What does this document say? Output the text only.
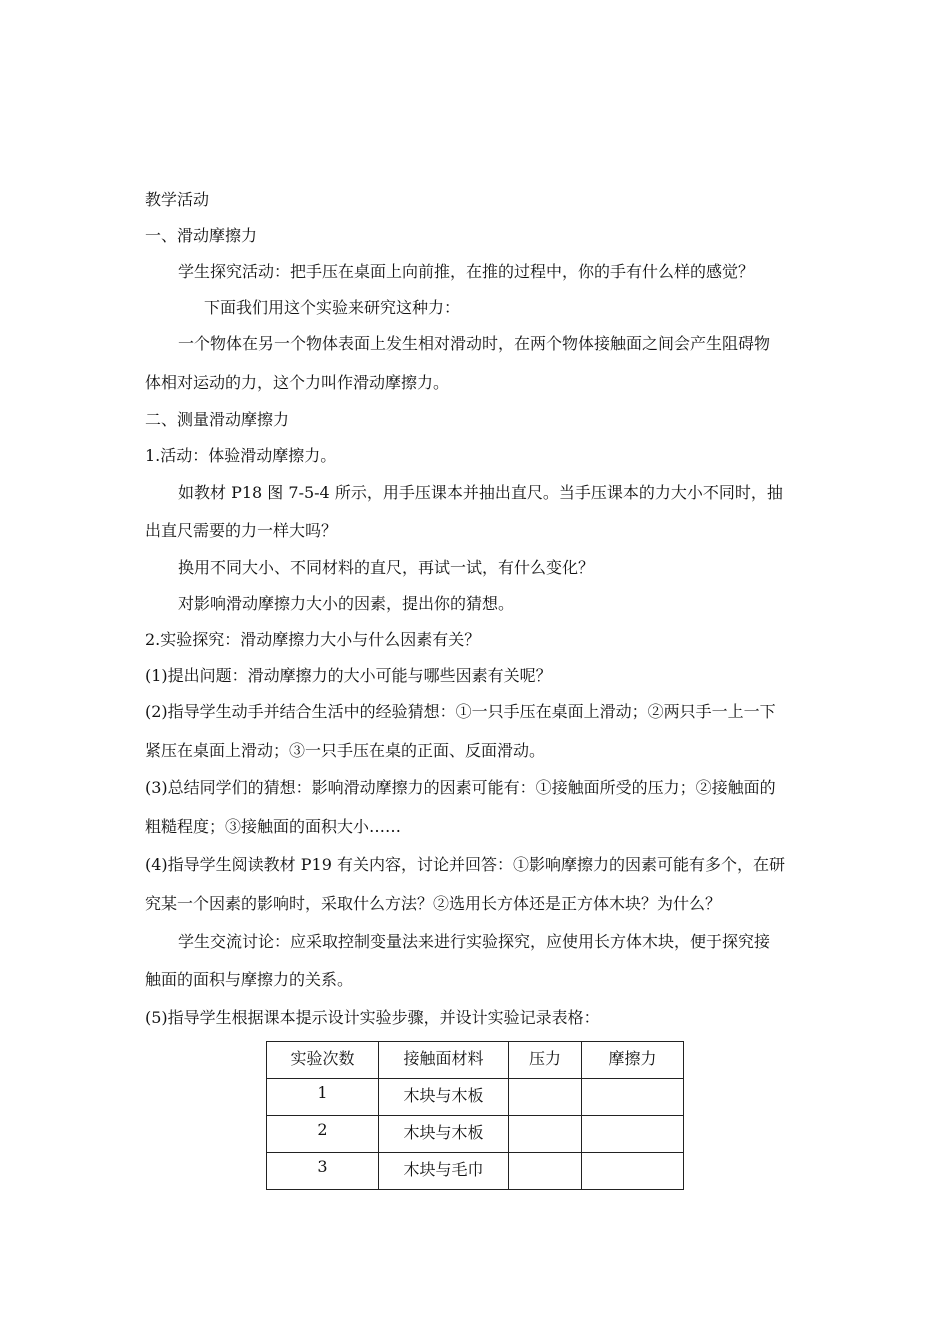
教学活动
一、滑动摩擦力
学生探究活动：把手压在桌面上向前推，在推的过程中，你的手有什么样的感觉？
下面我们用这个实验来研究这种力：
一个物体在另一个物体表面上发生相对滑动时，在两个物体接触面之间会产生阻碍物
体相对运动的力，这个力叫作滑动摩擦力。
二、测量滑动摩擦力
1.活动：体验滑动摩擦力。
如教材 P18 图 7-5-4 所示，用手压课本并抽出直尺。当手压课本的力大小不同时，抽
出直尺需要的力一样大吗？
换用不同大小、不同材料的直尺，再试一试，有什么变化？
对影响滑动摩擦力大小的因素，提出你的猜想。
2.实验探究：滑动摩擦力大小与什么因素有关？
(1)提出问题：滑动摩擦力的大小可能与哪些因素有关呢？
(2)指导学生动手并结合生活中的经验猜想：①一只手压在桌面上滑动；②两只手一上一下
紧压在桌面上滑动；③一只手压在桌的正面、反面滑动。
(3)总结同学们的猜想：影响滑动摩擦力的因素可能有：①接触面所受的压力；②接触面的
粗糙程度；③接触面的面积大小……
(4)指导学生阅读教材 P19 有关内容，讨论并回答：①影响摩擦力的因素可能有多个，在研
究某一个因素的影响时，采取什么方法？②选用长方体还是正方体木块？为什么？
学生交流讨论：应采取控制变量法来进行实验探究，应使用长方体木块，便于探究接
触面的面积与摩擦力的关系。
(5)指导学生根据课本提示设计实验步骤，并设计实验记录表格：
实验次数	接触面材料	压力	摩擦力
1	木块与木板		
2	木块与木板		
3	木块与毛巾		
